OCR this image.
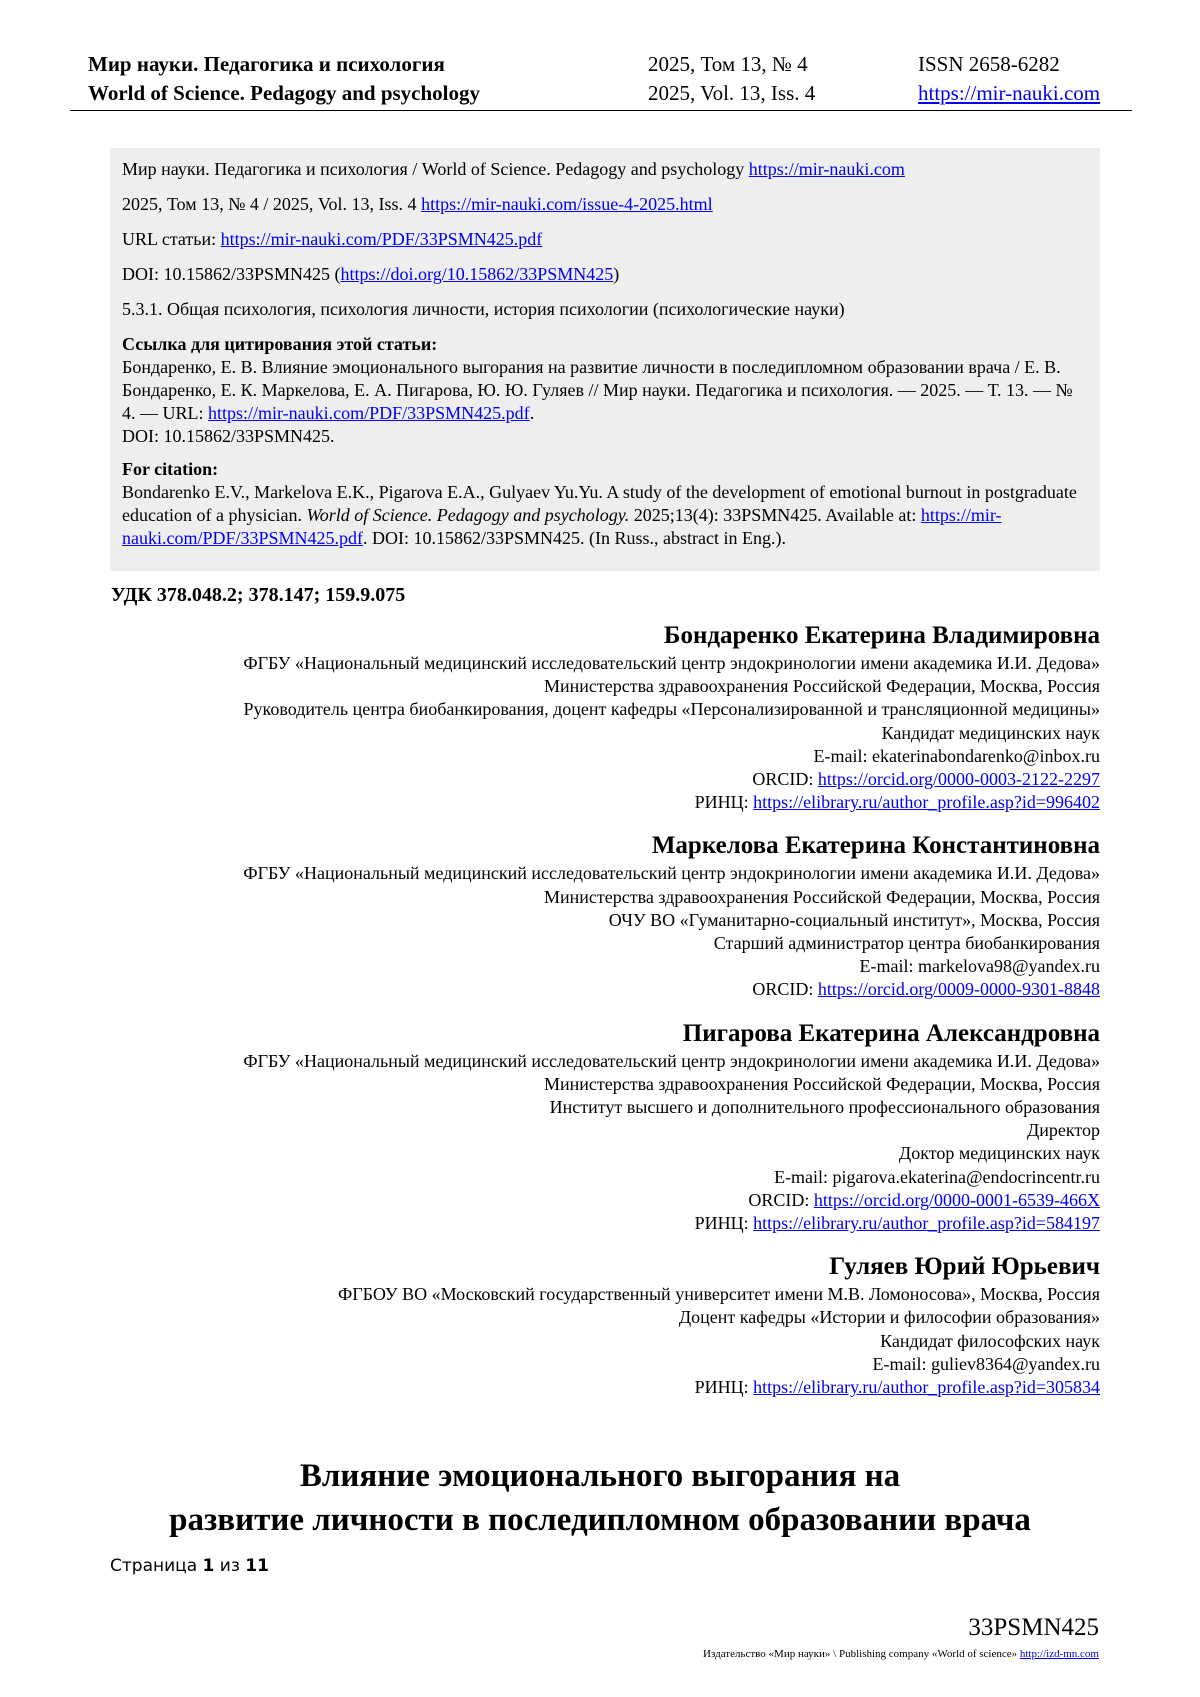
Мир науки. Педагогика и психология	2025, Том 13, № 4	ISSN 2658-6282
World of Science. Pedagogy and psychology	2025, Vol. 13, Iss. 4	https://mir-nauki.com

Мир науки. Педагогика и психология / World of Science. Pedagogy and psychology https://mir-nauki.com

2025, Том 13, № 4 / 2025, Vol. 13, Iss. 4 https://mir-nauki.com/issue-4-2025.html

URL статьи: https://mir-nauki.com/PDF/33PSMN425.pdf

DOI: 10.15862/33PSMN425 (https://doi.org/10.15862/33PSMN425)

5.3.1. Общая психология, психология личности, история психологии (психологические науки)

Ссылка для цитирования этой статьи:
Бондаренко, Е. В. Влияние эмоционального выгорания на развитие личности в последипломном образовании врача / Е. В. Бондаренко, Е. К. Маркелова, Е. А. Пигарова, Ю. Ю. Гуляев // Мир науки. Педагогика и психология. — 2025. — Т. 13. — № 4. — URL: https://mir-nauki.com/PDF/33PSMN425.pdf.
DOI: 10.15862/33PSMN425.
For citation:
Bondarenko E.V., Markelova E.K., Pigarova E.A., Gulyaev Yu.Yu. A study of the development of emotional burnout in postgraduate education of a physician. World of Science. Pedagogy and psychology. 2025;13(4): 33PSMN425. Available at: https://mir-nauki.com/PDF/33PSMN425.pdf. DOI: 10.15862/33PSMN425. (In Russ., abstract in Eng.).
УДК 378.048.2; 378.147; 159.9.075
Бондаренко Екатерина Владимировна
ФГБУ «Национальный медицинский исследовательский центр эндокринологии имени академика И.И. Дедова»
Министерства здравоохранения Российской Федерации, Москва, Россия
Руководитель центра биобанкирования, доцент кафедры «Персонализированной и трансляционной медицины»
Кандидат медицинских наук
E-mail: ekaterinabondarenko@inbox.ru
ORCID: https://orcid.org/0000-0003-2122-2297
РИНЦ: https://elibrary.ru/author_profile.asp?id=996402
Маркелова Екатерина Константиновна
ФГБУ «Национальный медицинский исследовательский центр эндокринологии имени академика И.И. Дедова»
Министерства здравоохранения Российской Федерации, Москва, Россия
ОЧУ ВО «Гуманитарно-социальный институт», Москва, Россия
Старший администратор центра биобанкирования
E-mail: markelova98@yandex.ru
ORCID: https://orcid.org/0009-0000-9301-8848
Пигарова Екатерина Александровна
ФГБУ «Национальный медицинский исследовательский центр эндокринологии имени академика И.И. Дедова»
Министерства здравоохранения Российской Федерации, Москва, Россия
Институт высшего и дополнительного профессионального образования
Директор
Доктор медицинских наук
E-mail: pigarova.ekaterina@endocrincentr.ru
ORCID: https://orcid.org/0000-0001-6539-466X
РИНЦ: https://elibrary.ru/author_profile.asp?id=584197
Гуляев Юрий Юрьевич
ФГБОУ ВО «Московский государственный университет имени М.В. Ломоносова», Москва, Россия
Доцент кафедры «Истории и философии образования»
Кандидат философских наук
E-mail: guliev8364@yandex.ru
РИНЦ: https://elibrary.ru/author_profile.asp?id=305834
Влияние эмоционального выгорания на
развитие личности в последипломном образовании врача
Страница 1 из 11
33PSMN425
Издательство «Мир науки» \ Publishing company «World of science» http://izd-mn.com
